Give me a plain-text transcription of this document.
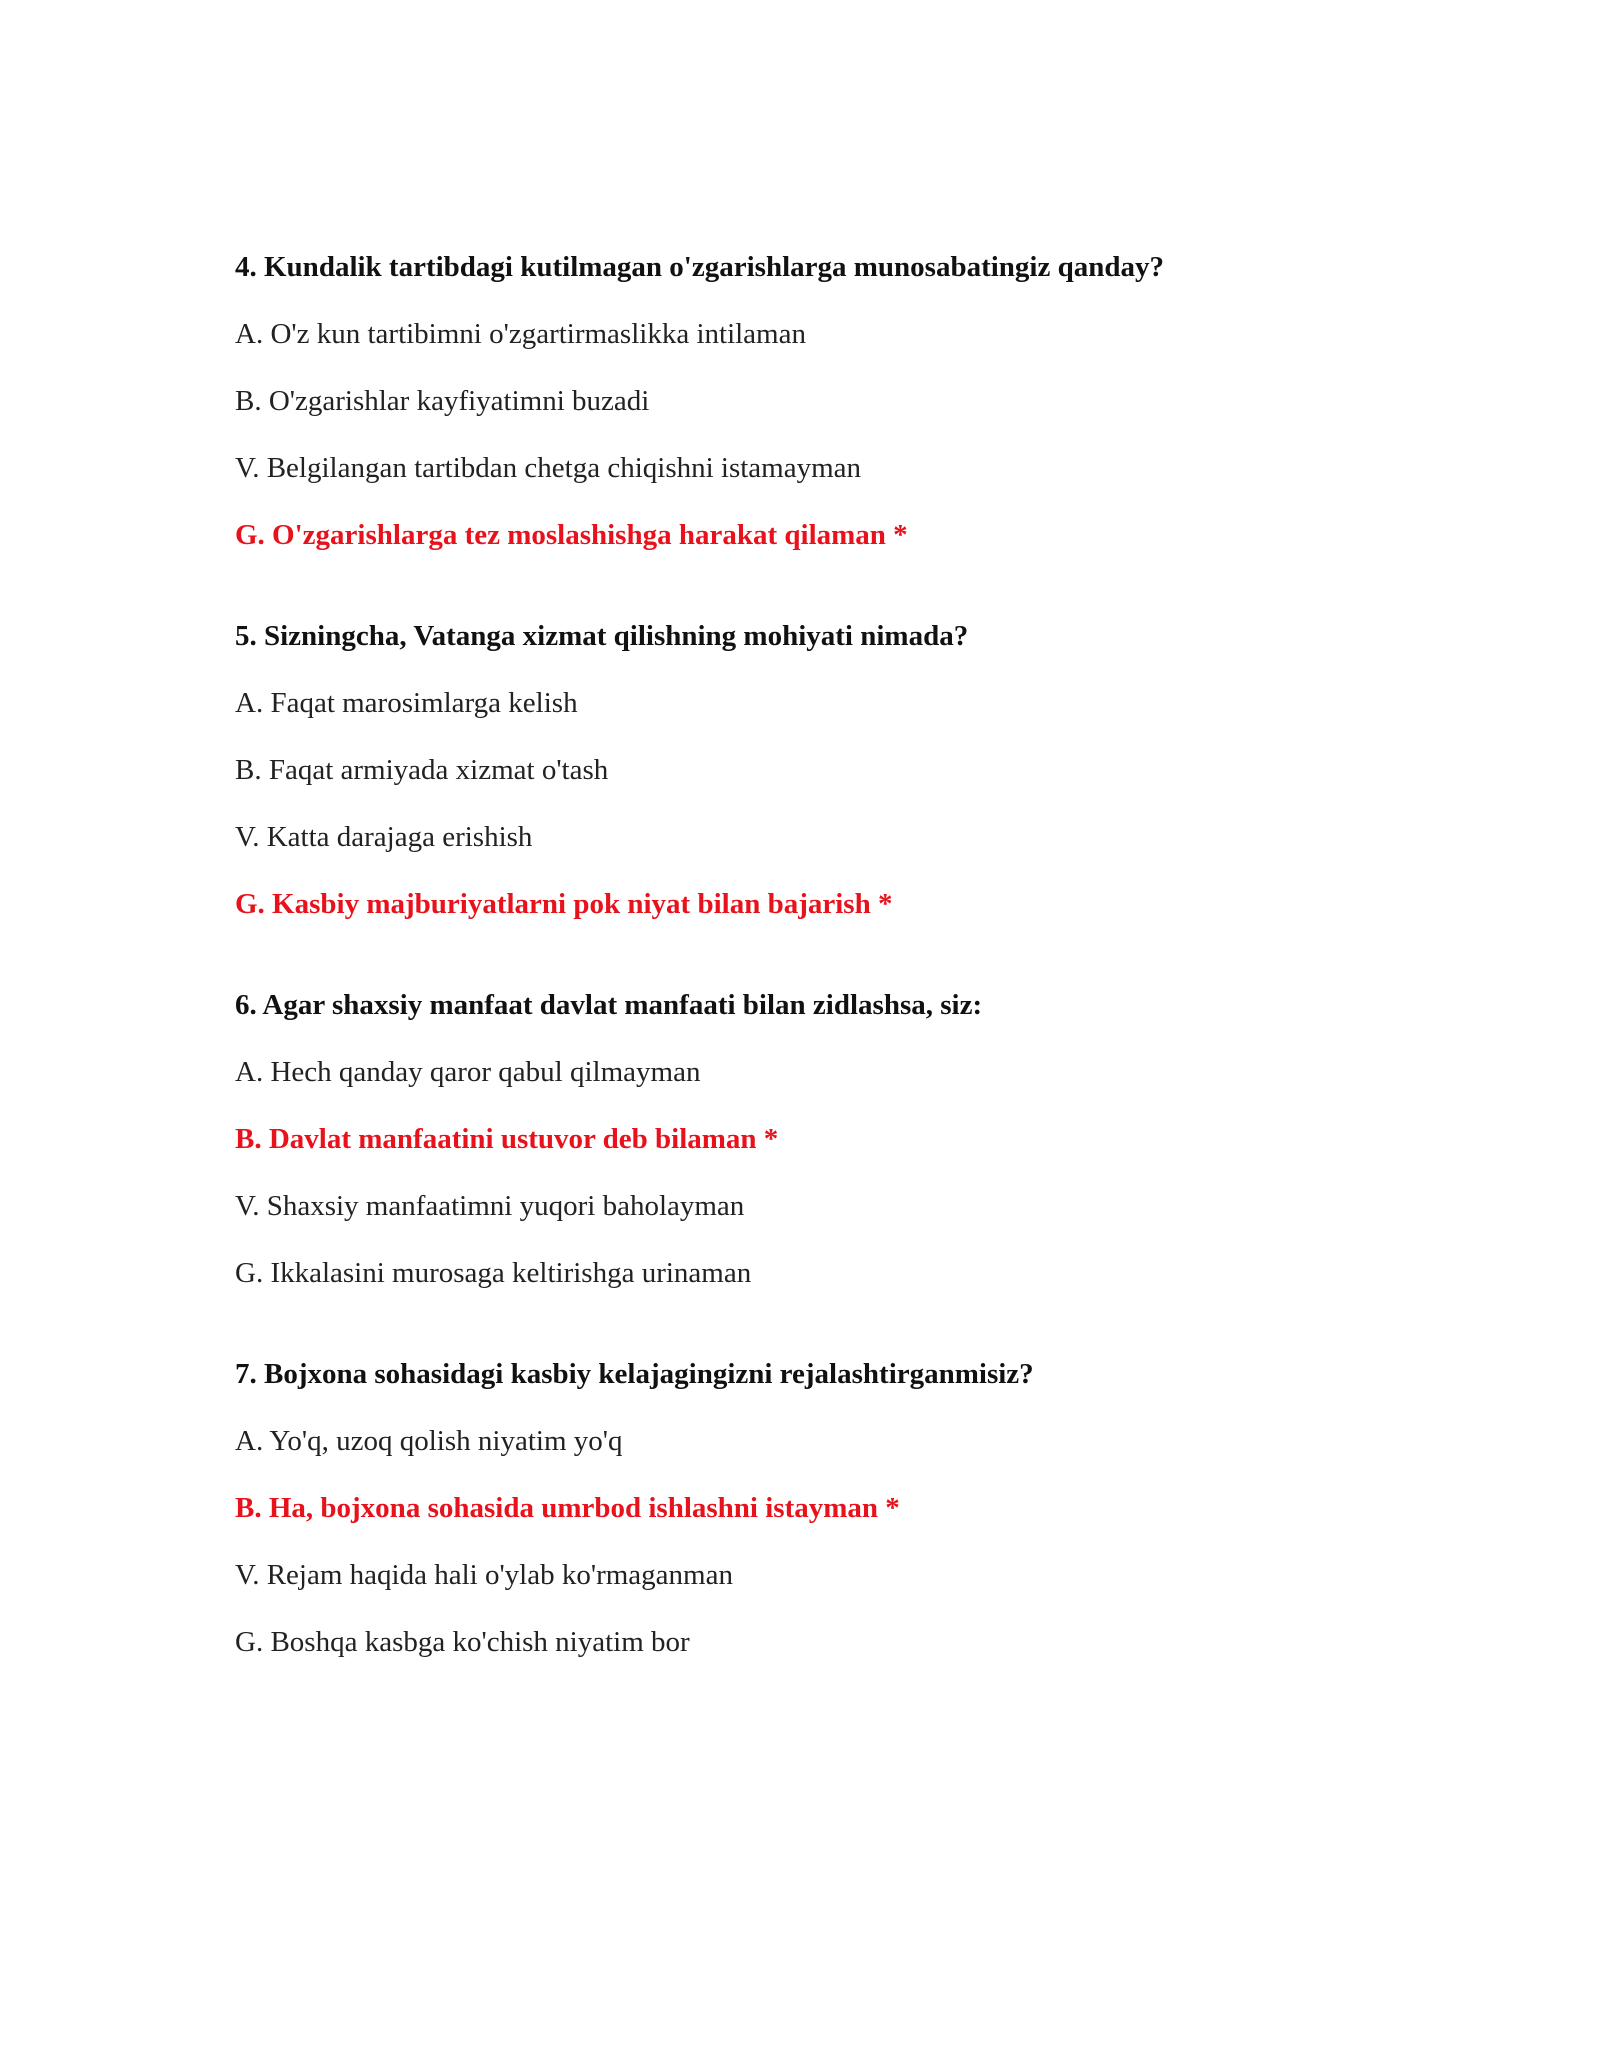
4. Kundalik tartibdagi kutilmagan o'zgarishlarga munosabatingiz qanday?
A. O'z kun tartibimni o'zgartirmaslikka intilaman
B. O'zgarishlar kayfiyatimni buzadi
V. Belgilangan tartibdan chetga chiqishni istamayman
G. O'zgarishlarga tez moslashishga harakat qilaman *
5. Sizningcha, Vatanga xizmat qilishning mohiyati nimada?
A. Faqat marosimlarga kelish
B. Faqat armiyada xizmat o'tash
V. Katta darajaga erishish
G. Kasbiy majburiyatlarni pok niyat bilan bajarish *
6. Agar shaxsiy manfaat davlat manfaati bilan zidlashsa, siz:
A. Hech qanday qaror qabul qilmayman
B. Davlat manfaatini ustuvor deb bilaman *
V. Shaxsiy manfaatimni yuqori baholayman
G. Ikkalasini murosaga keltirishga urinaman
7. Bojxona sohasidagi kasbiy kelajagingizni rejalashtirganmisiz?
A. Yo'q, uzoq qolish niyatim yo'q
B. Ha, bojxona sohasida umrbod ishlashni istayman *
V. Rejam haqida hali o'ylab ko'rmaganman
G. Boshqa kasbga ko'chish niyatim bor
